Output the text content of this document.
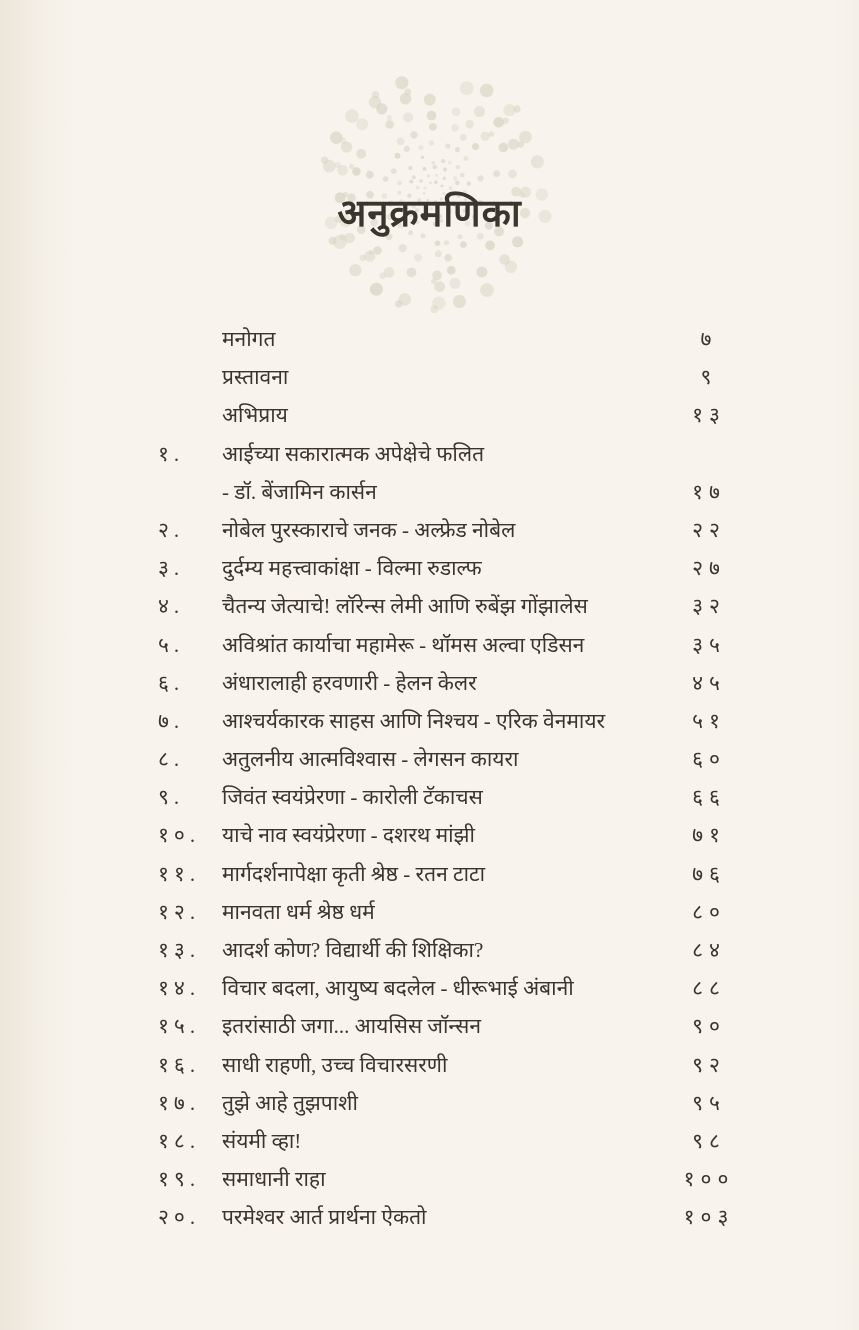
अनुक्रमणिका
मनोगत	७
प्रस्तावना	९
अभिप्राय	१३
१. आईच्या सकारात्मक अपेक्षेचे फलित
- डॉ. बेंजामिन कार्सन	१७
२. नोबेल पुरस्काराचे जनक - अल्फ्रेड नोबेल	२२
३. दुर्दम्य महत्त्वाकांक्षा - विल्मा रुडाल्फ	२७
४. चैतन्य जेत्याचे! लॉरेन्स लेमी आणि रुबेंझ गोंझालेस	३२
५. अविश्रांत कार्याचा महामेरू - थॉमस अल्वा एडिसन	३५
६. अंधारालाही हरवणारी - हेलन केलर	४५
७. आश्चर्यकारक साहस आणि निश्चय - एरिक वेनमायर	५१
८. अतुलनीय आत्मविश्वास - लेगसन कायरा	६०
९. जिवंत स्वयंप्रेरणा - कारोली टॅकाचस	६६
१०. याचे नाव स्वयंप्रेरणा - दशरथ मांझी	७१
११. मार्गदर्शनापेक्षा कृती श्रेष्ठ - रतन टाटा	७६
१२. मानवता धर्म श्रेष्ठ धर्म	८०
१३. आदर्श कोण? विद्यार्थी की शिक्षिका?	८४
१४. विचार बदला, आयुष्य बदलेल - धीरूभाई अंबानी	८८
१५. इतरांसाठी जगा... आयसिस जॉन्सन	९०
१६. साधी राहणी, उच्च विचारसरणी	९२
१७. तुझे आहे तुझपाशी	९५
१८. संयमी व्हा!	९८
१९. समाधानी राहा	१००
२०. परमेश्वर आर्त प्रार्थना ऐकतो	१०३
